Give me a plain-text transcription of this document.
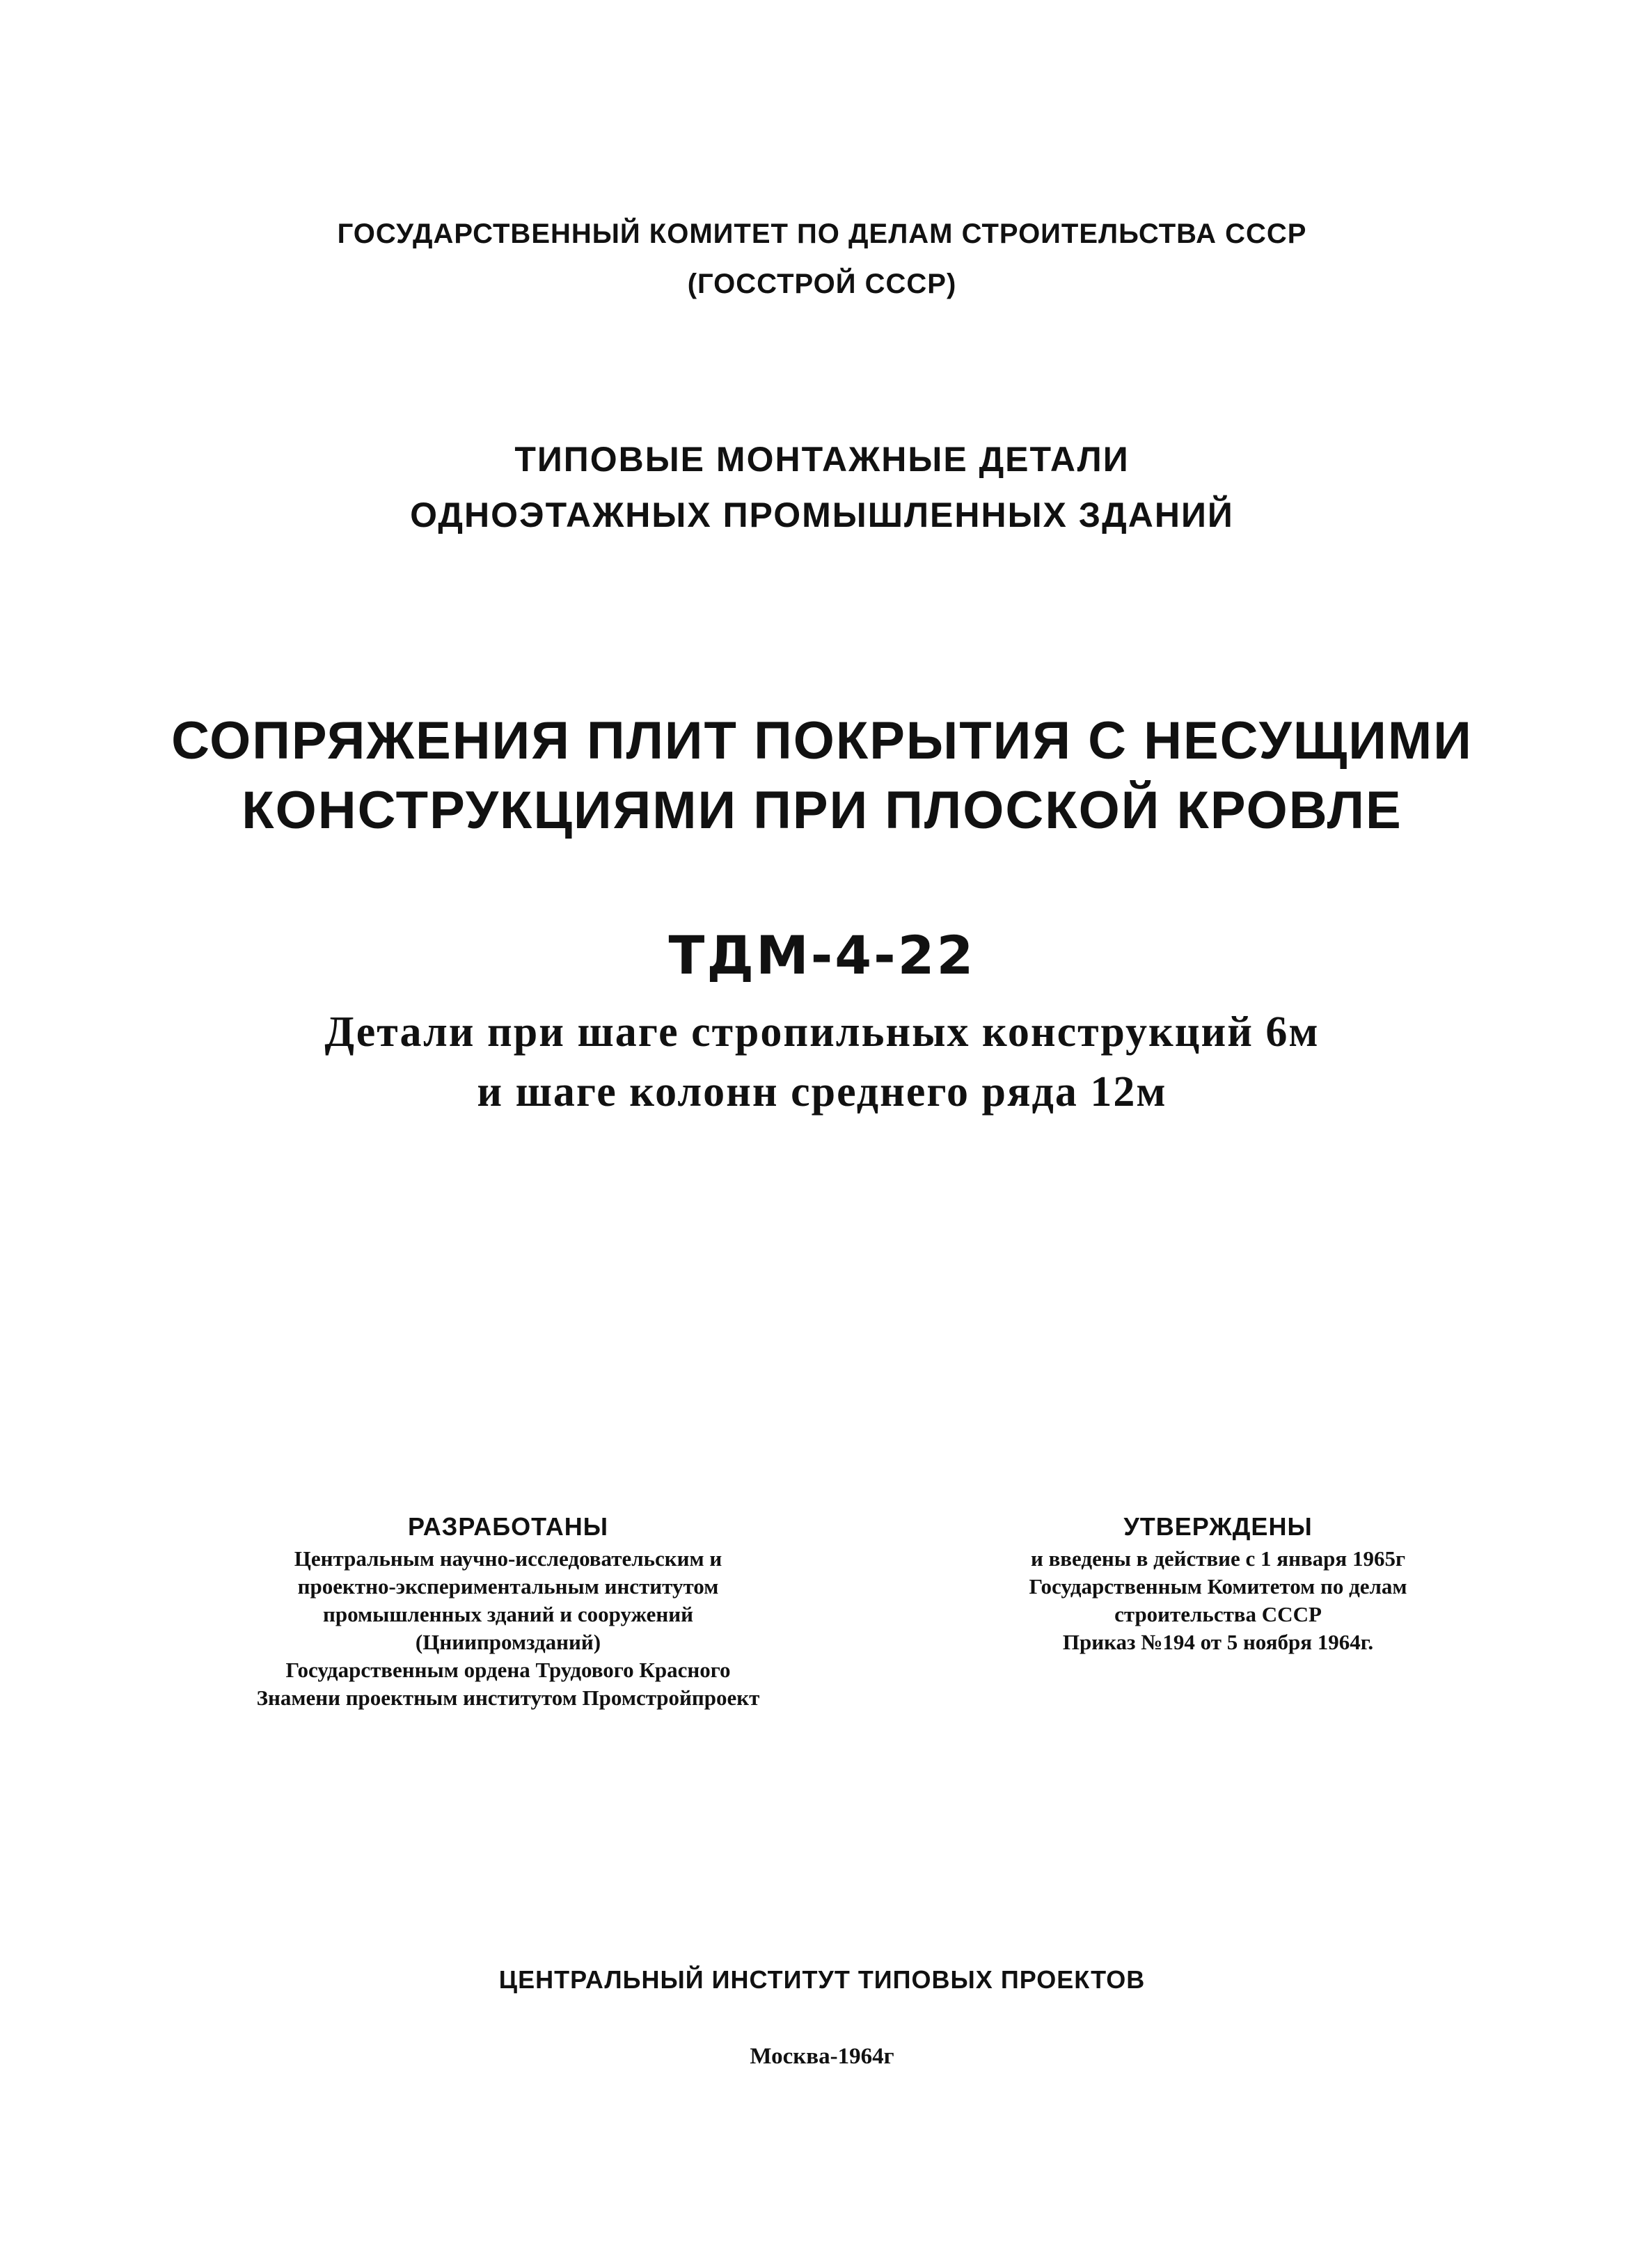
ГОСУДАРСТВЕННЫЙ КОМИТЕТ ПО ДЕЛАМ СТРОИТЕЛЬСТВА СССР
(ГОССТРОЙ СССР)
ТИПОВЫЕ МОНТАЖНЫЕ ДЕТАЛИ
ОДНОЭТАЖНЫХ ПРОМЫШЛЕННЫХ ЗДАНИЙ
СОПРЯЖЕНИЯ ПЛИТ ПОКРЫТИЯ С НЕСУЩИМИ
КОНСТРУКЦИЯМИ ПРИ ПЛОСКОЙ КРОВЛЕ
ТДМ-4-22
Детали при шаге стропильных конструкций 6м
и шаге колонн среднего ряда 12м
РАЗРАБОТАНЫ
Центральным научно-исследовательским и
проектно-экспериментальным институтом
промышленных зданий и сооружений
(Цниипромзданий)
Государственным ордена Трудового Красного
Знамени проектным институтом Промстройпроект
УТВЕРЖДЕНЫ
и введены в действие с 1 января 1965г
Государственным Комитетом по делам
строительства СССР
Приказ №194 от 5 ноября 1964г.
ЦЕНТРАЛЬНЫЙ ИНСТИТУТ ТИПОВЫХ ПРОЕКТОВ
Москва-1964г
